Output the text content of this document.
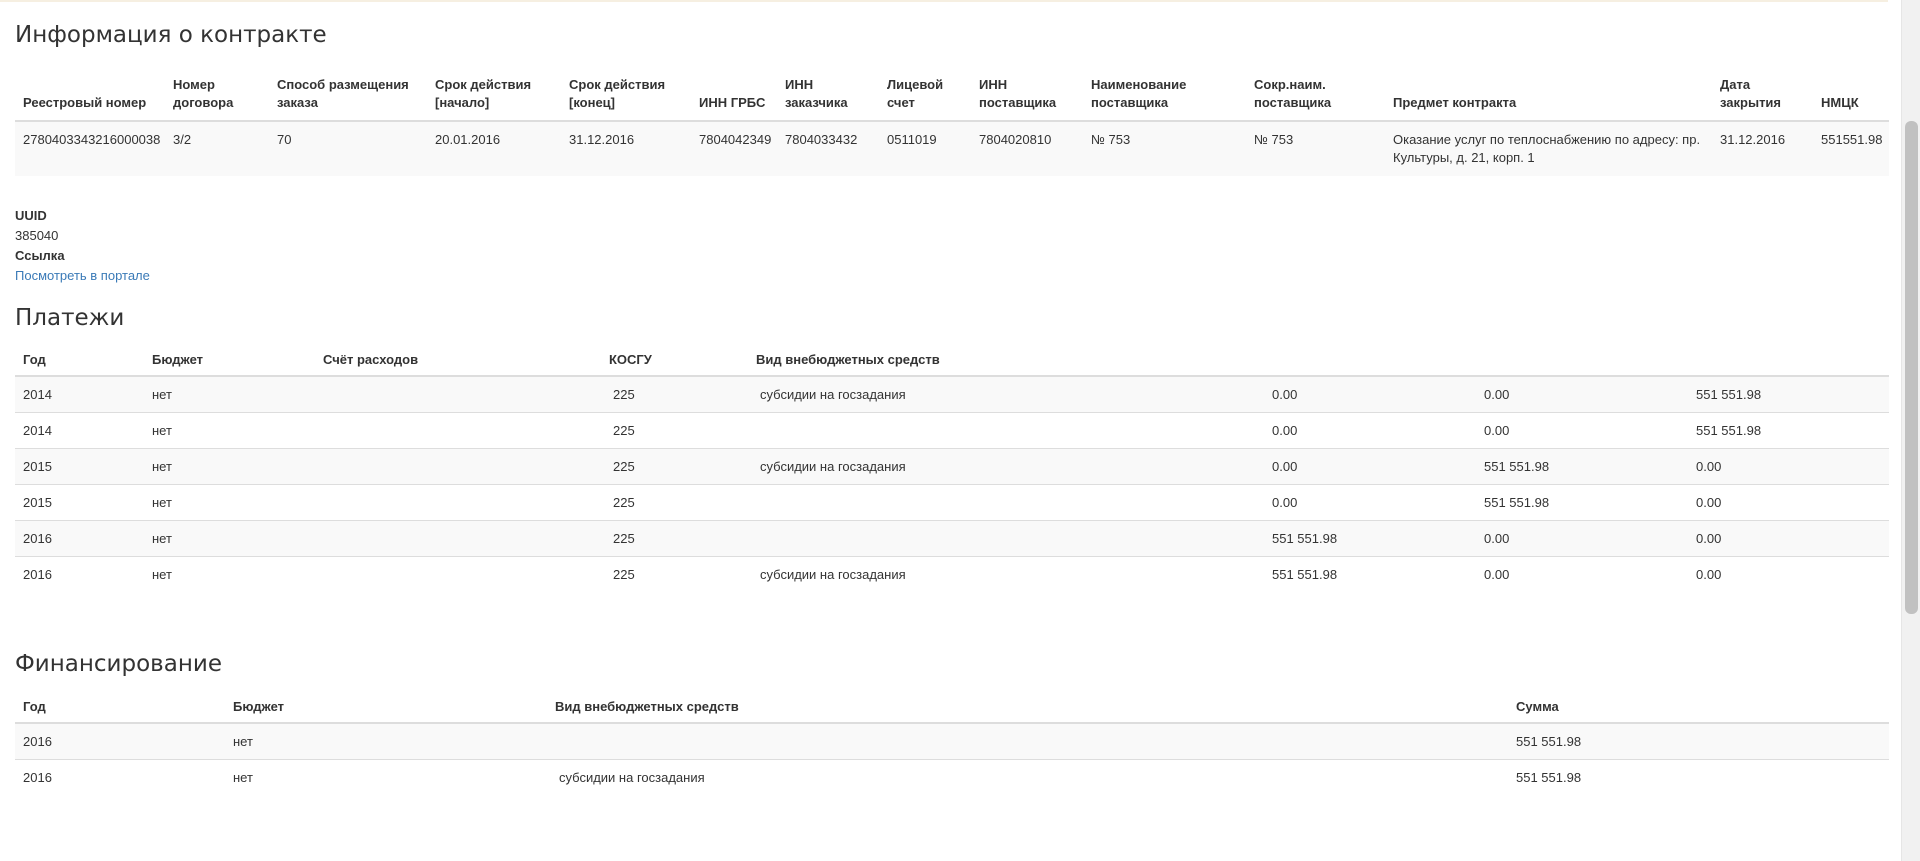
Информация о контракте
Реестровый номер	Номер договора	Способ размещения заказа	Срок действия [начало]	Срок действия [конец]	ИНН ГРБС	ИНН заказчика	Лицевой счет	ИНН поставщика	Наименование поставщика	Сокр.наим. поставщика	Предмет контракта	Дата закрытия	НМЦК
2780403343216000038	3/2	70	20.01.2016	31.12.2016	7804042349	7804033432	0511019	7804020810	№ 753	№ 753	Оказание услуг по теплоснабжению по адресу: пр. Культуры, д. 21, корп. 1	31.12.2016	551551.98
UUID
385040
Ссылка
Посмотреть в портале
Платежи
Год	Бюджет	Счёт расходов	КОСГУ	Вид внебюджетных средств			
2014	нет		225	субсидии на госзадания	0.00	0.00	551 551.98
2014	нет		225		0.00	0.00	551 551.98
2015	нет		225	субсидии на госзадания	0.00	551 551.98	0.00
2015	нет		225		0.00	551 551.98	0.00
2016	нет		225		551 551.98	0.00	0.00
2016	нет		225	субсидии на госзадания	551 551.98	0.00	0.00
Финансирование
Год	Бюджет	Вид внебюджетных средств	Сумма
2016	нет		551 551.98
2016	нет	субсидии на госзадания	551 551.98
